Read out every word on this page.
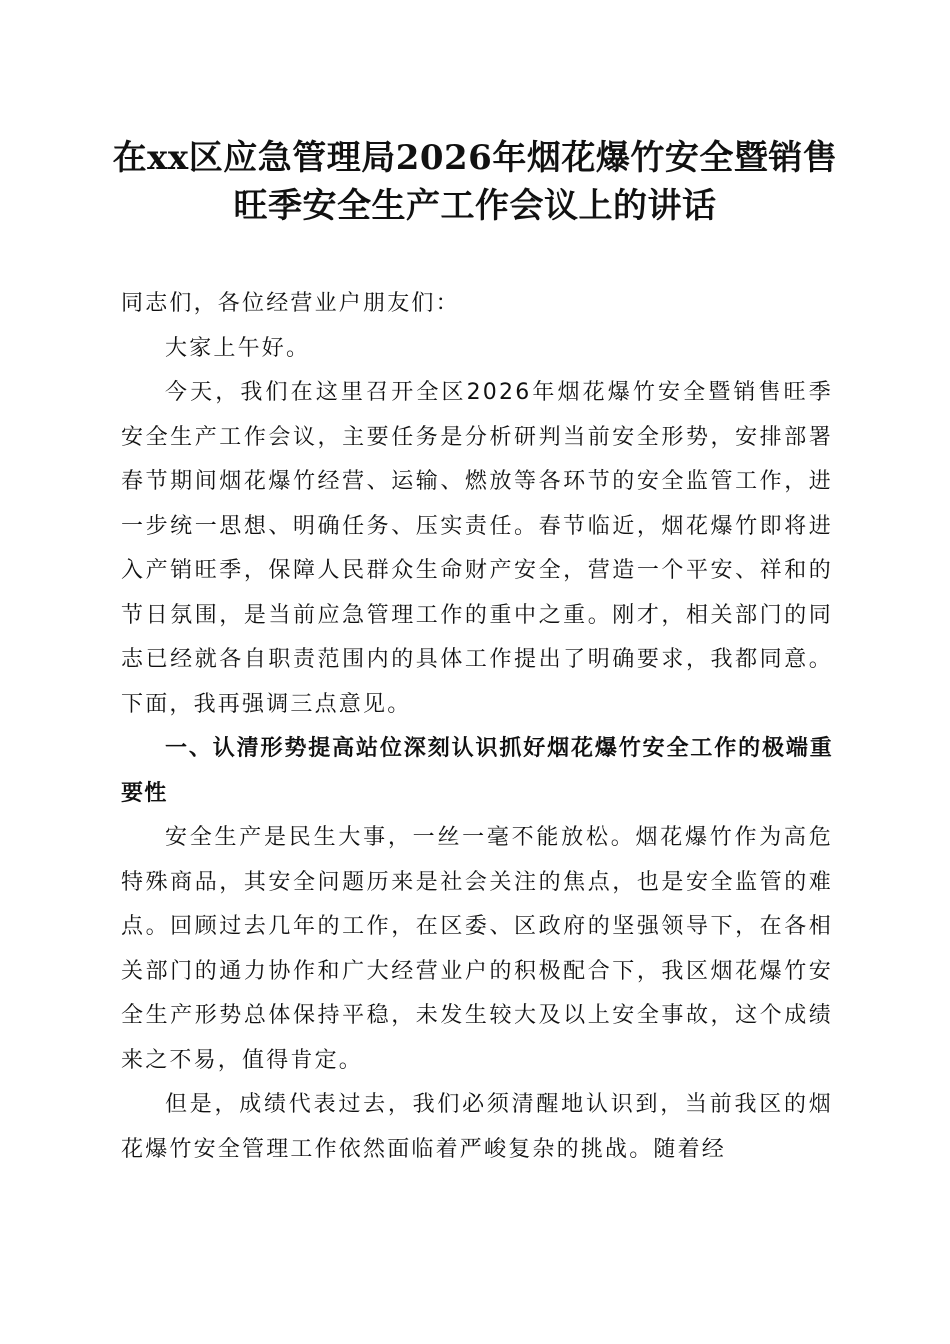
在xx区应急管理局2026年烟花爆竹安全暨销售旺季安全生产工作会议上的讲话

同志们，各位经营业户朋友们：

大家上午好。

今天，我们在这里召开全区2026年烟花爆竹安全暨销售旺季安全生产工作会议，主要任务是分析研判当前安全形势，安排部署春节期间烟花爆竹经营、运输、燃放等各环节的安全监管工作，进一步统一思想、明确任务、压实责任。春节临近，烟花爆竹即将进入产销旺季，保障人民群众生命财产安全，营造一个平安、祥和的节日氛围，是当前应急管理工作的重中之重。刚才，相关部门的同志已经就各自职责范围内的具体工作提出了明确要求，我都同意。下面，我再强调三点意见。

一、认清形势提高站位深刻认识抓好烟花爆竹安全工作的极端重要性

安全生产是民生大事，一丝一毫不能放松。烟花爆竹作为高危特殊商品，其安全问题历来是社会关注的焦点，也是安全监管的难点。回顾过去几年的工作，在区委、区政府的坚强领导下，在各相关部门的通力协作和广大经营业户的积极配合下，我区烟花爆竹安全生产形势总体保持平稳，未发生较大及以上安全事故，这个成绩来之不易，值得肯定。

但是，成绩代表过去，我们必须清醒地认识到，当前我区的烟花爆竹安全管理工作依然面临着严峻复杂的挑战。随着经
